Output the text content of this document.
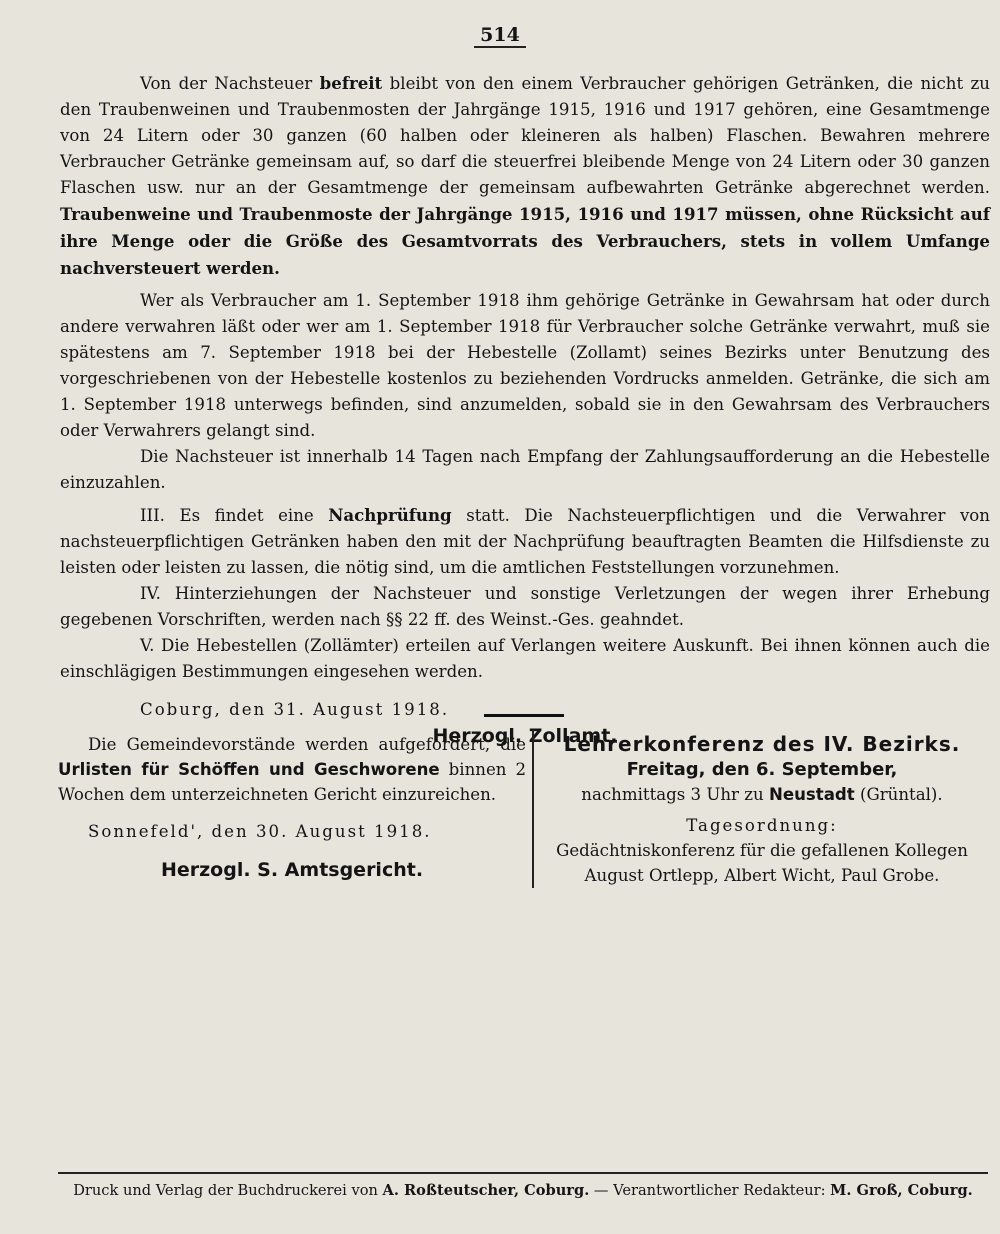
514

Von der Nachsteuer befreit bleibt von den einem Verbraucher gehörigen Getränken, die nicht zu den Traubenweinen und Traubenmosten der Jahrgänge 1915, 1916 und 1917 gehören, eine Gesamtmenge von 24 Litern oder 30 ganzen (60 halben oder kleineren als halben) Flaschen. Bewahren mehrere Verbraucher Getränke gemeinsam auf, so darf die steuerfrei bleibende Menge von 24 Litern oder 30 ganzen Flaschen usw. nur an der Gesamtmenge der gemeinsam aufbewahrten Getränke abgerechnet werden. Traubenweine und Traubenmoste der Jahrgänge 1915, 1916 und 1917 müssen, ohne Rücksicht auf ihre Menge oder die Größe des Gesamtvorrats des Verbrauchers, stets in vollem Umfange nachversteuert werden.

Wer als Verbraucher am 1. September 1918 ihm gehörige Getränke in Gewahrsam hat oder durch andere verwahren läßt oder wer am 1. September 1918 für Verbraucher solche Getränke verwahrt, muß sie spätestens am 7. September 1918 bei der Hebestelle (Zollamt) seines Bezirks unter Benutzung des vorgeschriebenen von der Hebestelle kostenlos zu beziehenden Vordrucks anmelden. Getränke, die sich am 1. September 1918 unterwegs befinden, sind anzumelden, sobald sie in den Gewahrsam des Verbrauchers oder Verwahrers gelangt sind.

Die Nachsteuer ist innerhalb 14 Tagen nach Empfang der Zahlungsaufforderung an die Hebestelle einzuzahlen.

III. Es findet eine Nachprüfung statt. Die Nachsteuerpflichtigen und die Verwahrer von nachsteuerpflichtigen Getränken haben den mit der Nachprüfung beauftragten Beamten die Hilfsdienste zu leisten oder leisten zu lassen, die nötig sind, um die amtlichen Feststellungen vorzunehmen.

IV. Hinterziehungen der Nachsteuer und sonstige Verletzungen der wegen ihrer Erhebung gegebenen Vorschriften, werden nach §§ 22 ff. des Weinst.-Ges. geahndet.

V. Die Hebestellen (Zollämter) erteilen auf Verlangen weitere Auskunft. Bei ihnen können auch die einschlägigen Bestimmungen eingesehen werden.

Coburg, den 31. August 1918.

Herzogl. Zollamt.

Die Gemeindevorstände werden aufgefordert, die Urlisten für Schöffen und Geschworene binnen 2 Wochen dem unterzeichneten Gericht einzureichen.

Sonnefeld', den 30. August 1918.

Herzogl. S. Amtsgericht.

Lehrerkonferenz des IV. Bezirks.

Freitag, den 6. September,

nachmittags 3 Uhr zu Neustadt (Grüntal).

Tagesordnung:

Gedächtniskonferenz für die gefallenen Kollegen August Ortlepp, Albert Wicht, Paul Grobe.

Druck und Verlag der Buchdruckerei von A. Roßteutscher, Coburg. — Verantwortlicher Redakteur: M. Groß, Coburg.
